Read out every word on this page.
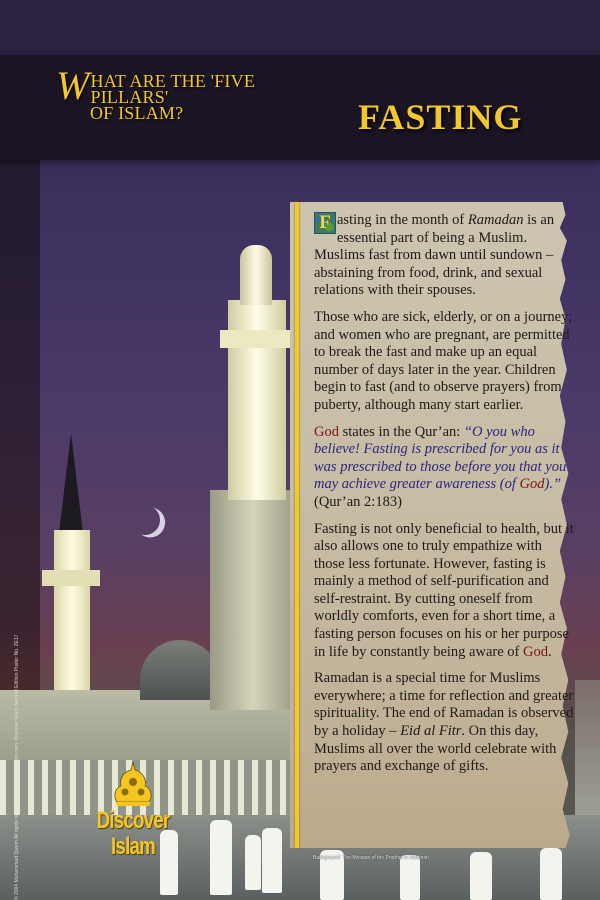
W HAT ARE THE 'FIVE PILLARS'
OF ISLAM?	FASTING

F asting in the month of Ramadan is an essential part of being a Muslim. Muslims fast from dawn until sundown – abstaining from food, drink, and sexual relations with their spouses.

Those who are sick, elderly, or on a journey; and women who are pregnant, are permitted to break the fast and make up an equal number of days later in the year. Children begin to fast (and to observe prayers) from puberty, although many start earlier.

God states in the Qur’an: “O you who believe! Fasting is prescribed for you as it was prescribed to those before you that you may achieve greater awareness (of God).” (Qur’an 2:183)

Fasting is not only beneficial to health, but it also allows one to truly empathize with those less fortunate. However, fasting is mainly a method of self-purification and self-restraint. By cutting oneself from worldly comforts, even for a short time, a fasting person focuses on his or her purpose in life by constantly being aware of God.

Ramadan is a special time for Muslims everywhere; a time for reflection and greater spirituality. The end of Ramadan is observed by a holiday – Eid al Fitr. On this day, Muslims all over the world celebrate with prayers and exchange of gifts.

Background: The Mosque of the Prophet in Madinah
© 2004 Muhammad Qasim All rights reserved. www.discoverislam.com. Discover Islam Second Edition Poster No. 2E17	Discover Islam
